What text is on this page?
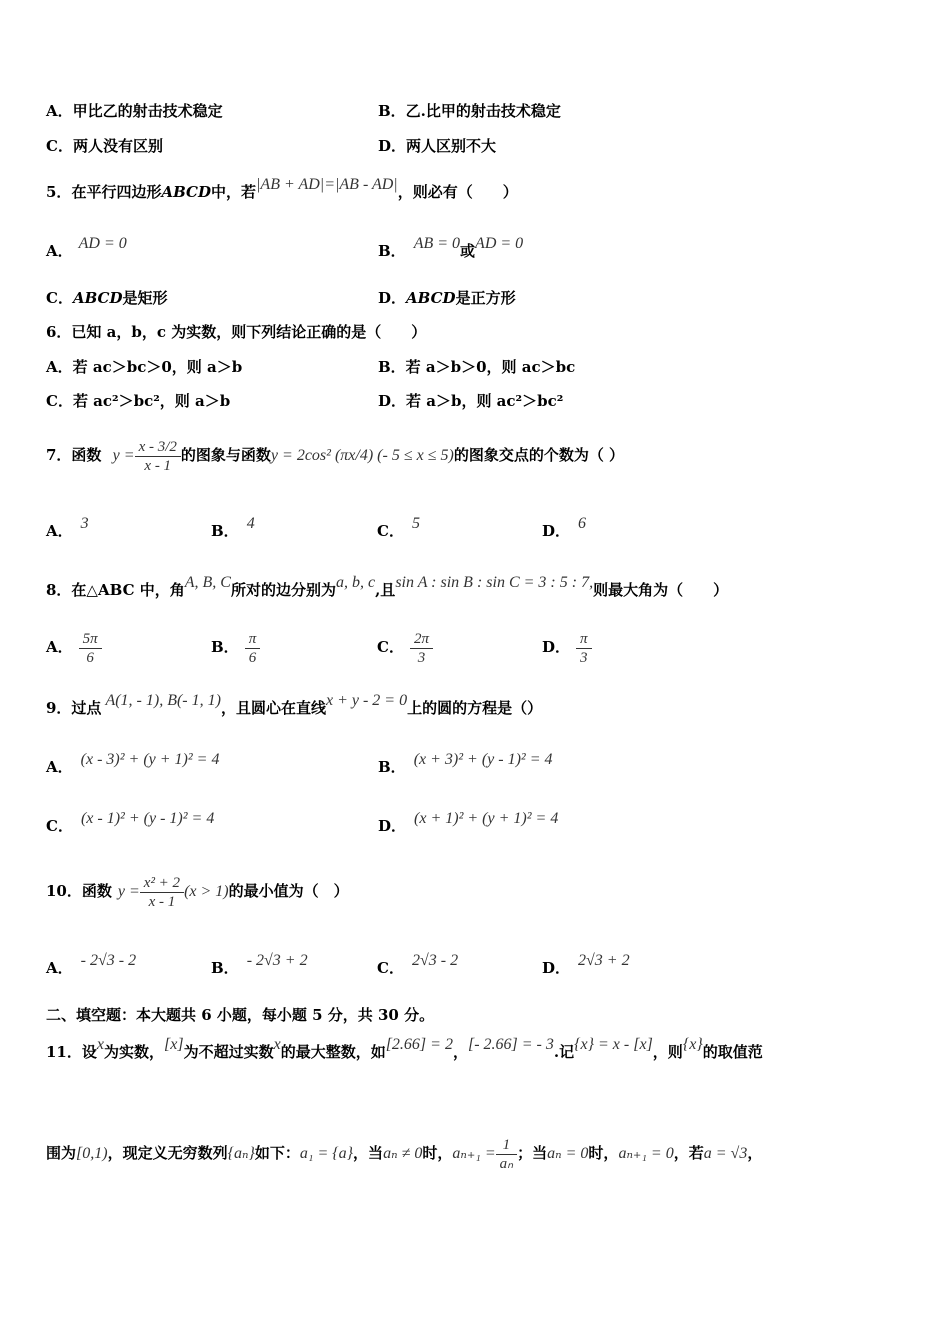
A．甲比乙的射击技术稳定	B．乙.比甲的射击技术稳定
C．两人没有区别	D．两人区别不大
5．在平行四边形ABCD中，若|AB + AD|=|AB - AD|，则必有（　　）
A． AD = 0	B． AB = 0或AD = 0
C．ABCD是矩形	D．ABCD是正方形
6．已知 a，b，c 为实数，则下列结论正确的是（　　）
A．若 ac＞bc＞0，则 a＞b	B．若 a＞b＞0，则 ac＞bc
C．若 ac²＞bc²，则 a＞b	D．若 a＞b，则 ac²＞bc²
7．函数 $y = \frac{x - 3/2}{x - 1}$ 的图象与函数y = 2cos² (πx/4) (- 5 ≤ x ≤ 5)的图象交点的个数为（ ）
A． 3	B． 4	C． 5	D． 6
8．在△ABC 中，角A, B, C所对的边分别为a, b, c,且sin A : sin B : sin C = 3 : 5 : 7,则最大角为（　　）
A． $\frac{5\pi}{6}$	B． $\frac{\pi}{6}$	C． $\frac{2\pi}{3}$	D． $\frac{\pi}{3}$
9．过点 A(1, - 1), B(- 1, 1)，且圆心在直线x + y - 2 = 0上的圆的方程是（）
A． (x - 3)² + (y + 1)² = 4	B． (x + 3)² + (y - 1)² = 4
C． (x - 1)² + (y - 1)² = 4	D． (x + 1)² + (y + 1)² = 4
10．函数 $y = \frac{\text{x² + 2}}{x - 1} (x > 1)$的最小值为（　）
A． - 2√3 - 2	B． - 2√3 + 2	C． 2√3 - 2	D． 2√3 + 2
二、填空题：本大题共 6 小题，每小题 5 分，共 30 分。
11．设x为实数，[x]为不超过实数x的最大整数，如[2.66] = 2，[- 2.66] = - 3.记{x} = x - [x]，则{x}的取值范
围为[0,1)，现定义无穷数列{aₙ}如下：a₁ = {a}，当aₙ ≠ 0时，$a_{n+1} = \frac{1}{\text{aₙ}}$ ；当aₙ = 0时，aₙ₊₁ = 0，若a = √3，
